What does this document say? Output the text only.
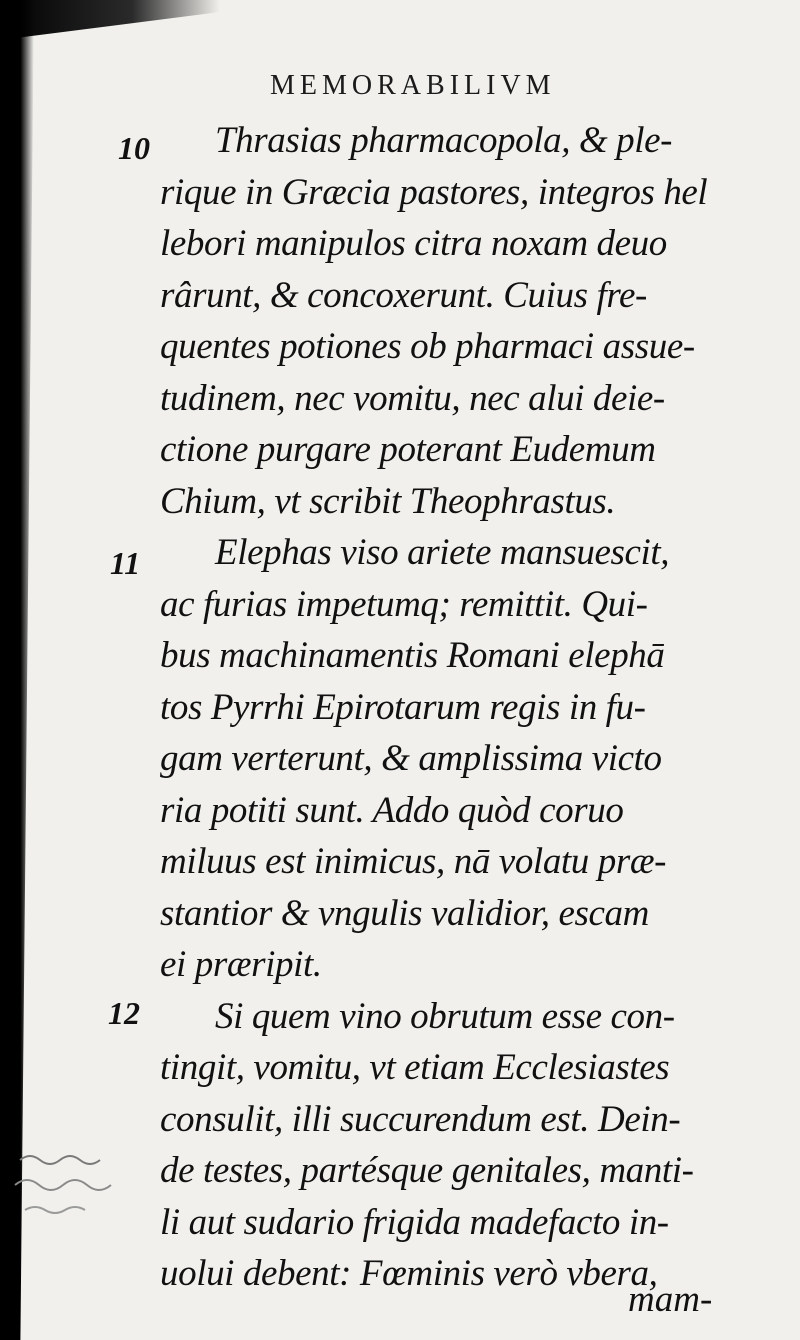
MEMORABILIVM
10
11
12
Thrasias pharmacopola, & ple-
rique in Græcia pastores, integros hel
lebori manipulos citra noxam deuo
rârunt, & concoxerunt. Cuius fre-
quentes potiones ob pharmaci assue-
tudinem, nec vomitu, nec alui deie-
ctione purgare poterant Eudemum
Chium, vt scribit Theophrastus.
Elephas viso ariete mansuescit,
ac furias impetumq; remittit. Qui-
bus machinamentis Romani elephā
tos Pyrrhi Epirotarum regis in fu-
gam verterunt, & amplissima victo
ria potiti sunt. Addo quòd coruo
miluus est inimicus, nā volatu præ-
stantior & vngulis validior, escam
ei præripit.
Si quem vino obrutum esse con-
tingit, vomitu, vt etiam Ecclesiastes
consulit, illi succurendum est. Dein-
de testes, partésque genitales, manti-
li aut sudario frigida madefacto in-
uolui debent: Fœminis verò vbera,
mam-
